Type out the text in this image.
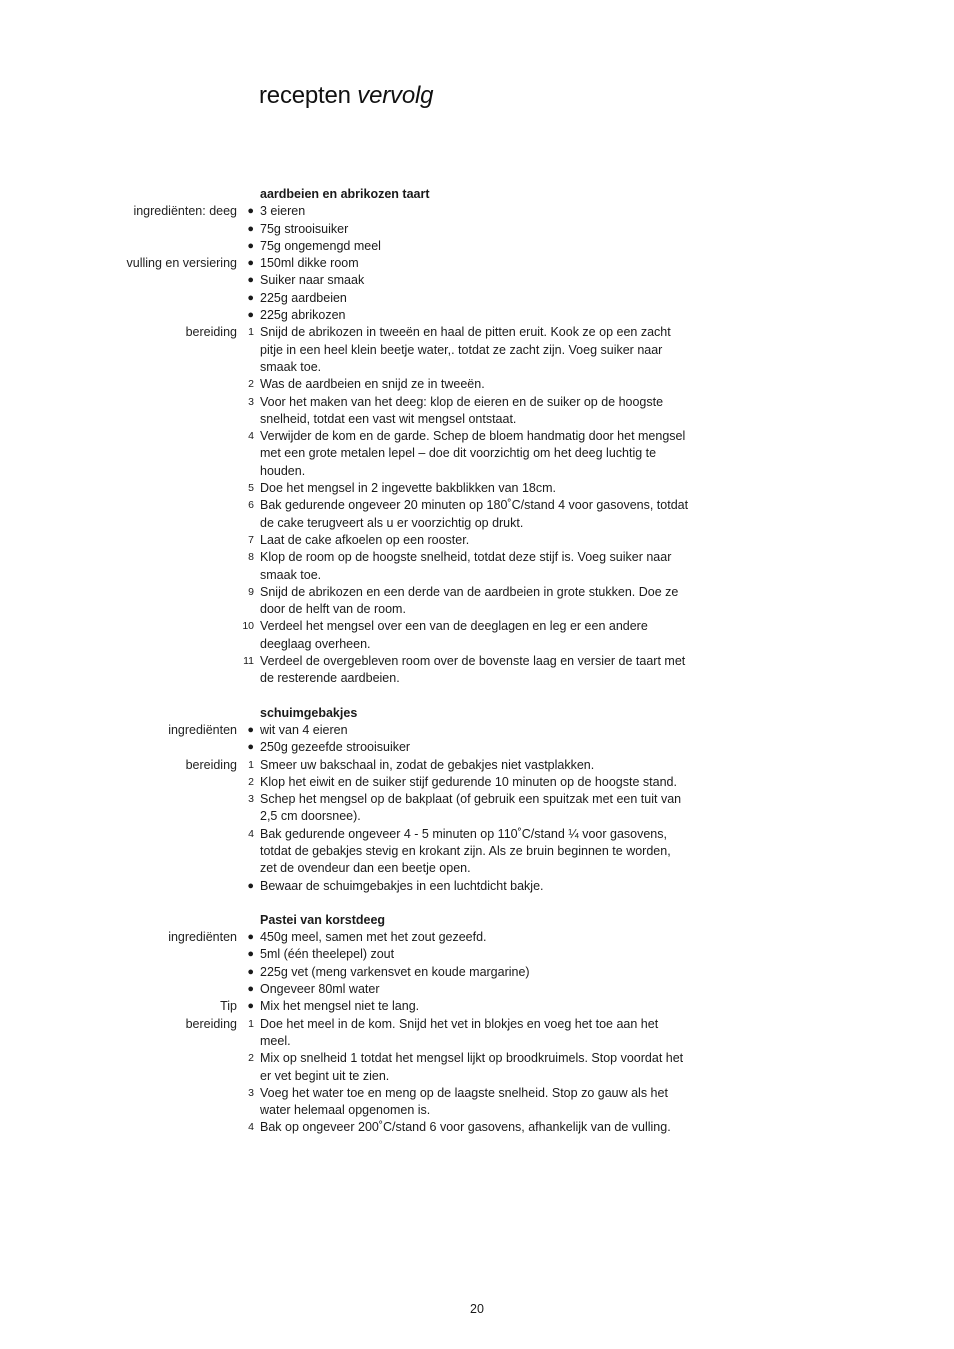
recepten vervolg
aardbeien en abrikozen taart
ingrediënten: deeg ● 3 eieren
● 75g strooisuiker
● 75g ongemengd meel
vulling en versiering ● 150ml dikke room
● Suiker naar smaak
● 225g aardbeien
● 225g abrikozen
bereiding	1 Snijd de abrikozen in tweeën en haal de pitten eruit. Kook ze op een zacht pitje in een heel klein beetje water,. totdat ze zacht zijn. Voeg suiker naar smaak toe.
2 Was de aardbeien en snijd ze in tweeën.
3 Voor het maken van het deeg: klop de eieren en de suiker op de hoogste snelheid, totdat een vast wit mengsel ontstaat.
4 Verwijder de kom en de garde. Schep de bloem handmatig door het mengsel met een grote metalen lepel – doe dit voorzichtig om het deeg luchtig te houden.
5 Doe het mengsel in 2 ingevette bakblikken van 18cm.
6 Bak gedurende ongeveer 20 minuten op 180˚C/stand 4 voor gasovens, totdat de cake terugveert als u er voorzichtig op drukt.
7 Laat de cake afkoelen op een rooster.
8 Klop de room op de hoogste snelheid, totdat deze stijf is. Voeg suiker naar smaak toe.
9 Snijd de abrikozen en een derde van de aardbeien in grote stukken. Doe ze door de helft van de room.
10 Verdeel het mengsel over een van de deeglagen en leg er een andere deeglaag overheen.
11 Verdeel de overgebleven room over de bovenste laag en versier de taart met de resterende aardbeien.
schuimgebakjes
ingrediënten ● wit van 4 eieren
● 250g gezeefde strooisuiker
bereiding	1 Smeer uw bakschaal in, zodat de gebakjes niet vastplakken.
2 Klop het eiwit en de suiker stijf gedurende 10 minuten op de hoogste stand.
3 Schep het mengsel op de bakplaat (of gebruik een spuitzak met een tuit van 2,5 cm doorsnee).
4 Bak gedurende ongeveer 4 - 5 minuten op 110˚C/stand ¼ voor gasovens, totdat de gebakjes stevig en krokant zijn. Als ze bruin beginnen te worden, zet de ovendeur dan een beetje open.
● Bewaar de schuimgebakjes in een luchtdicht bakje.
Pastei van korstdeeg
ingrediënten ● 450g meel, samen met het zout gezeefd.
● 5ml (één theelepel) zout
● 225g vet (meng varkensvet en koude margarine)
● Ongeveer 80ml water
Tip ● Mix het mengsel niet te lang.
bereiding	1 Doe het meel in de kom. Snijd het vet in blokjes en voeg het toe aan het meel.
2 Mix op snelheid 1 totdat het mengsel lijkt op broodkruimels. Stop voordat het er vet begint uit te zien.
3 Voeg het water toe en meng op de laagste snelheid. Stop zo gauw als het water helemaal opgenomen is.
4 Bak op ongeveer 200˚C/stand 6 voor gasovens, afhankelijk van de vulling.
20
